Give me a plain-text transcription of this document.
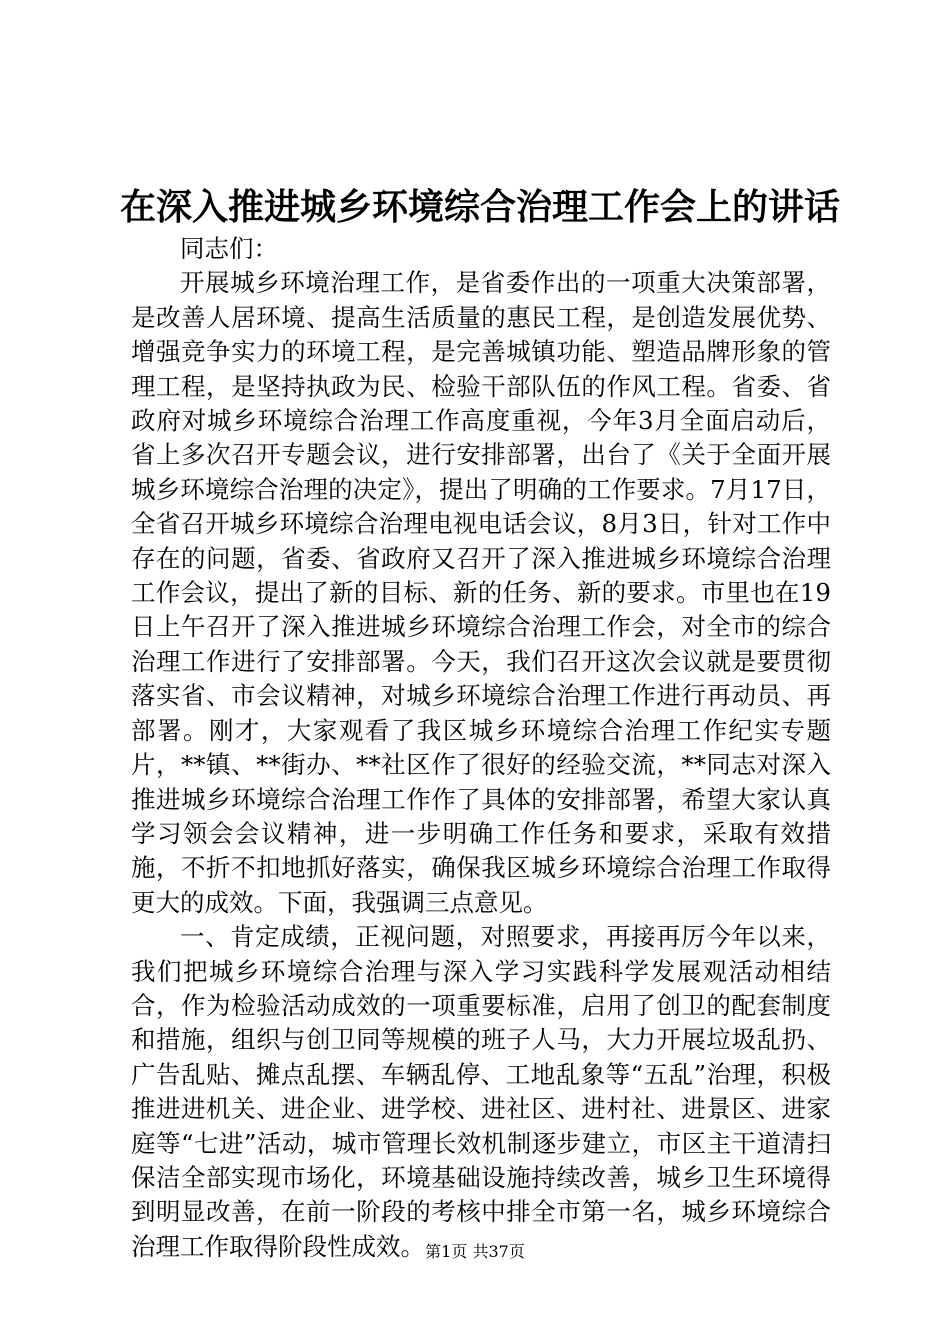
在深入推进城乡环境综合治理工作会上的讲话

同志们：

开展城乡环境治理工作，是省委作出的一项重大决策部署，是改善人居环境、提高生活质量的惠民工程，是创造发展优势、增强竞争实力的环境工程，是完善城镇功能、塑造品牌形象的管理工程，是坚持执政为民、检验干部队伍的作风工程。省委、省政府对城乡环境综合治理工作高度重视，今年3月全面启动后，省上多次召开专题会议，进行安排部署，出台了《关于全面开展城乡环境综合治理的决定》，提出了明确的工作要求。7月17日，全省召开城乡环境综合治理电视电话会议，8月3日，针对工作中存在的问题，省委、省政府又召开了深入推进城乡环境综合治理工作会议，提出了新的目标、新的任务、新的要求。市里也在19日上午召开了深入推进城乡环境综合治理工作会，对全市的综合治理工作进行了安排部署。今天，我们召开这次会议就是要贯彻落实省、市会议精神，对城乡环境综合治理工作进行再动员、再部署。刚才，大家观看了我区城乡环境综合治理工作纪实专题片，**镇、**街办、**社区作了很好的经验交流，**同志对深入推进城乡环境综合治理工作作了具体的安排部署，希望大家认真学习领会会议精神，进一步明确工作任务和要求，采取有效措施，不折不扣地抓好落实，确保我区城乡环境综合治理工作取得更大的成效。下面，我强调三点意见。

一、肯定成绩，正视问题，对照要求，再接再厉今年以来，我们把城乡环境综合治理与深入学习实践科学发展观活动相结合，作为检验活动成效的一项重要标准，启用了创卫的配套制度和措施，组织与创卫同等规模的班子人马，大力开展垃圾乱扔、广告乱贴、摊点乱摆、车辆乱停、工地乱象等“五乱”治理，积极推进进机关、进企业、进学校、进社区、进村社、进景区、进家庭等“七进”活动，城市管理长效机制逐步建立，市区主干道清扫保洁全部实现市场化，环境基础设施持续改善，城乡卫生环境得到明显改善，在前一阶段的考核中排全市第一名，城乡环境综合治理工作取得阶段性成效。 第1页 共37页
